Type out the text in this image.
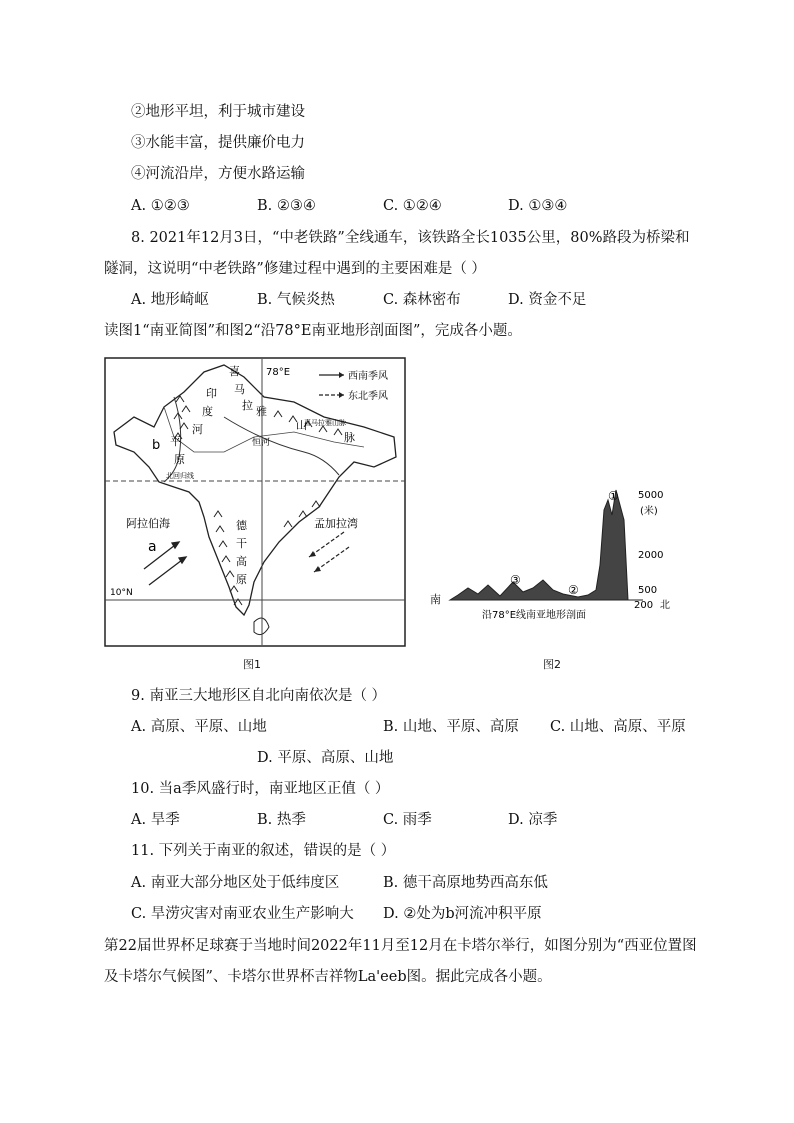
②地形平坦，利于城市建设
③水能丰富，提供廉价电力
④河流沿岸，方便水路运输
A. ①②③	B. ②③④	C. ①②④	D. ①③④
8. 2021年12月3日，“中老铁路”全线通车，该铁路全长1035公里，80%路段为桥梁和
隧洞，这说明“中老铁路”修建过程中遇到的主要困难是（ ）
A. 地形崎岖	B. 气候炎热	C. 森林密布	D. 资金不足
读图1“南亚简图”和图2“沿78°E南亚地形剖面图”，完成各小题。
78°E	西南季风
东北季风
喜
马
拉 雅
山
脉
喜马拉雅山脉
印
度
河
平
原
b	恒河
北回归线
德
干
高
原
阿拉伯海	孟加拉湾
a
10°N
图1
①
②
③
5000
(米)
2000
500
200 北
南
沿78°E线南亚地形剖面
图2
9. 南亚三大地形区自北向南依次是（ ）
A. 高原、平原、山地	B. 山地、平原、高原 C. 山地、高原、平原
D. 平原、高原、山地
10. 当a季风盛行时，南亚地区正值（ ）
A. 旱季	B. 热季	C. 雨季	D. 凉季
11. 下列关于南亚的叙述，错误的是（ ）
A. 南亚大部分地区处于低纬度区	B. 德干高原地势西高东低
C. 旱涝灾害对南亚农业生产影响大 D. ②处为b河流冲积平原
第22届世界杯足球赛于当地时间2022年11月至12月在卡塔尔举行，如图分别为“西亚位置图
及卡塔尔气候图”、卡塔尔世界杯吉祥物La'eeb图。据此完成各小题。
